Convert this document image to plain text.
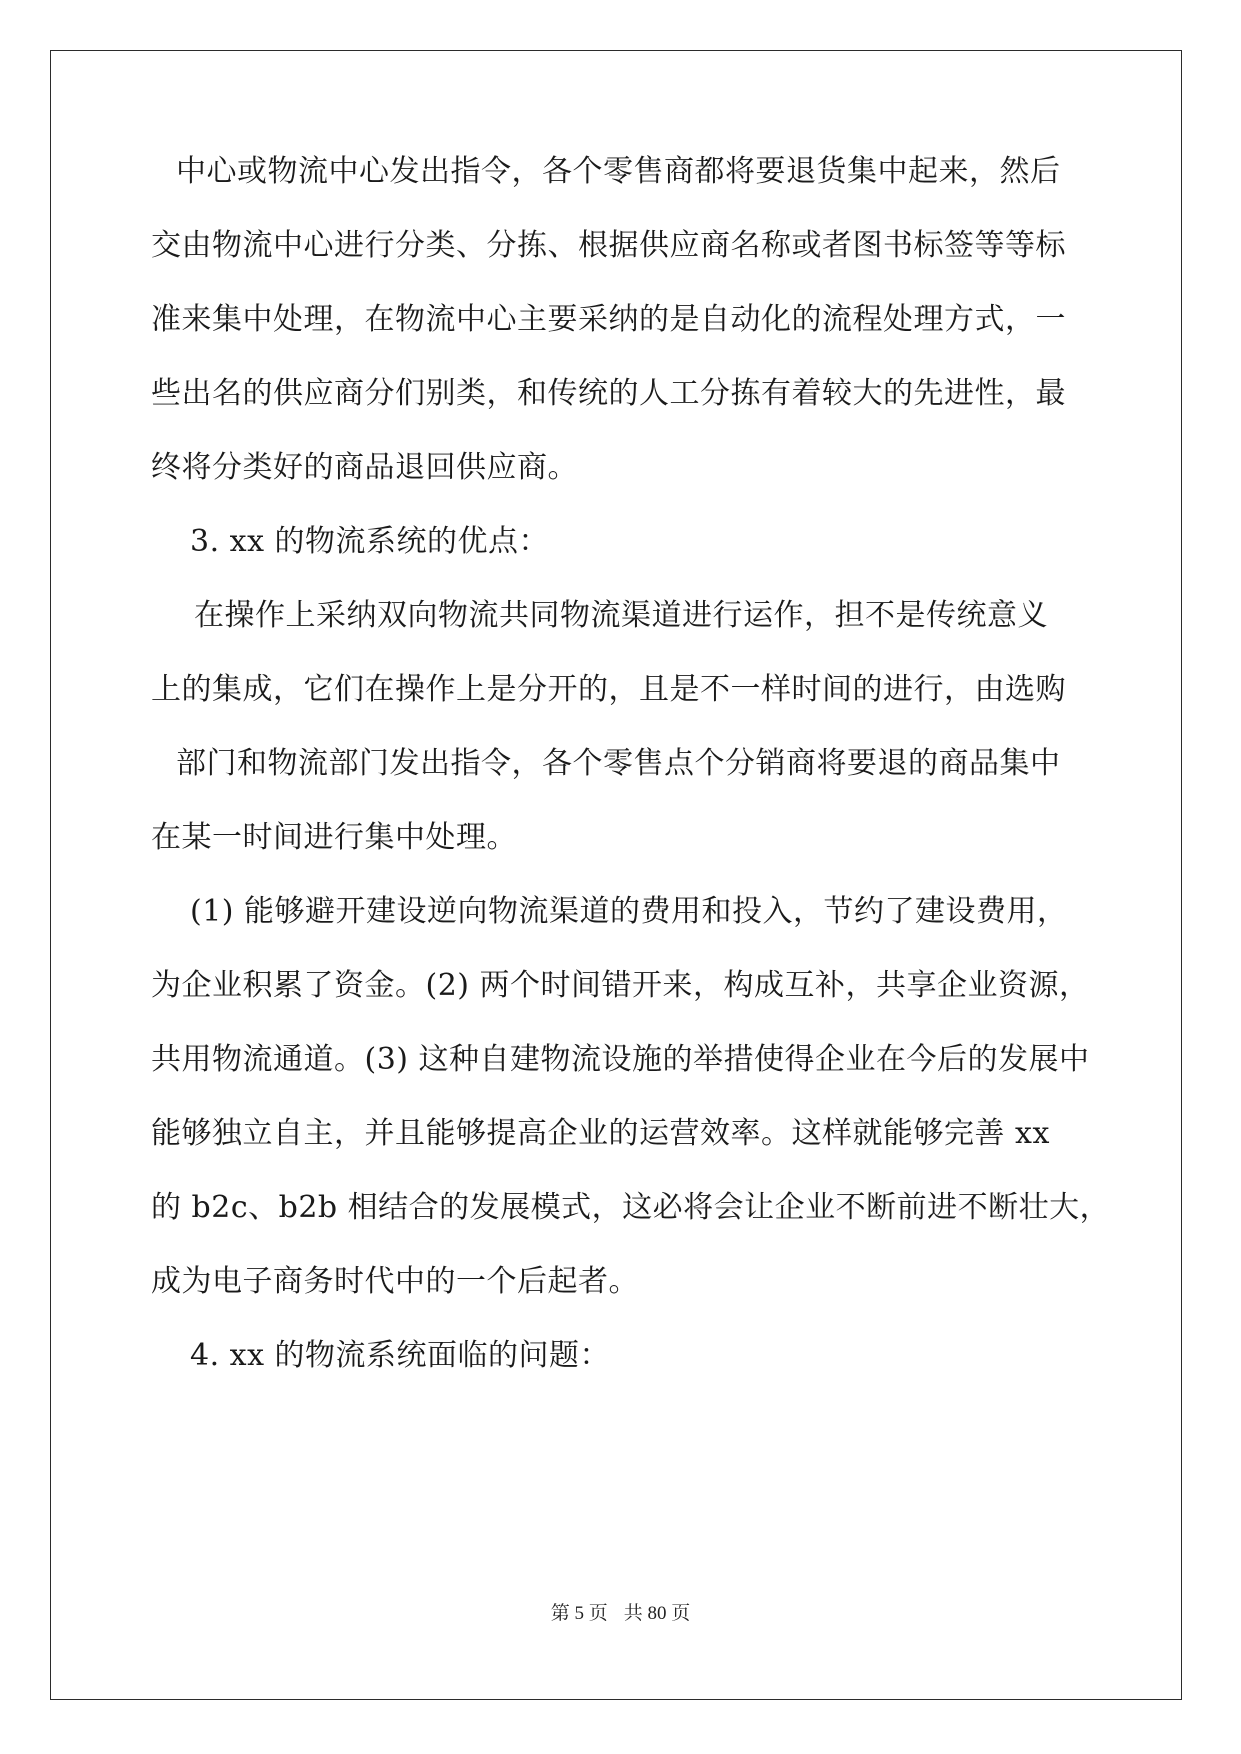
中心或物流中心发出指令，各个零售商都将要退货集中起来，然后
交由物流中心进行分类、分拣、根据供应商名称或者图书标签等等标
准来集中处理，在物流中心主要采纳的是自动化的流程处理方式，一
些出名的供应商分们别类，和传统的人工分拣有着较大的先进性，最
终将分类好的商品退回供应商。
3. xx 的物流系统的优点：
在操作上采纳双向物流共同物流渠道进行运作，担不是传统意义
上的集成，它们在操作上是分开的，且是不一样时间的进行，由选购
部门和物流部门发出指令，各个零售点个分销商将要退的商品集中
在某一时间进行集中处理。
(1) 能够避开建设逆向物流渠道的费用和投入，节约了建设费用，
为企业积累了资金。(2) 两个时间错开来，构成互补，共享企业资源，
共用物流通道。(3) 这种自建物流设施的举措使得企业在今后的发展中
能够独立自主，并且能够提高企业的运营效率。这样就能够完善 xx
的 b2c、b2b 相结合的发展模式，这必将会让企业不断前进不断壮大，
成为电子商务时代中的一个后起者。
4. xx 的物流系统面临的问题：
第 5 页 共 80 页
